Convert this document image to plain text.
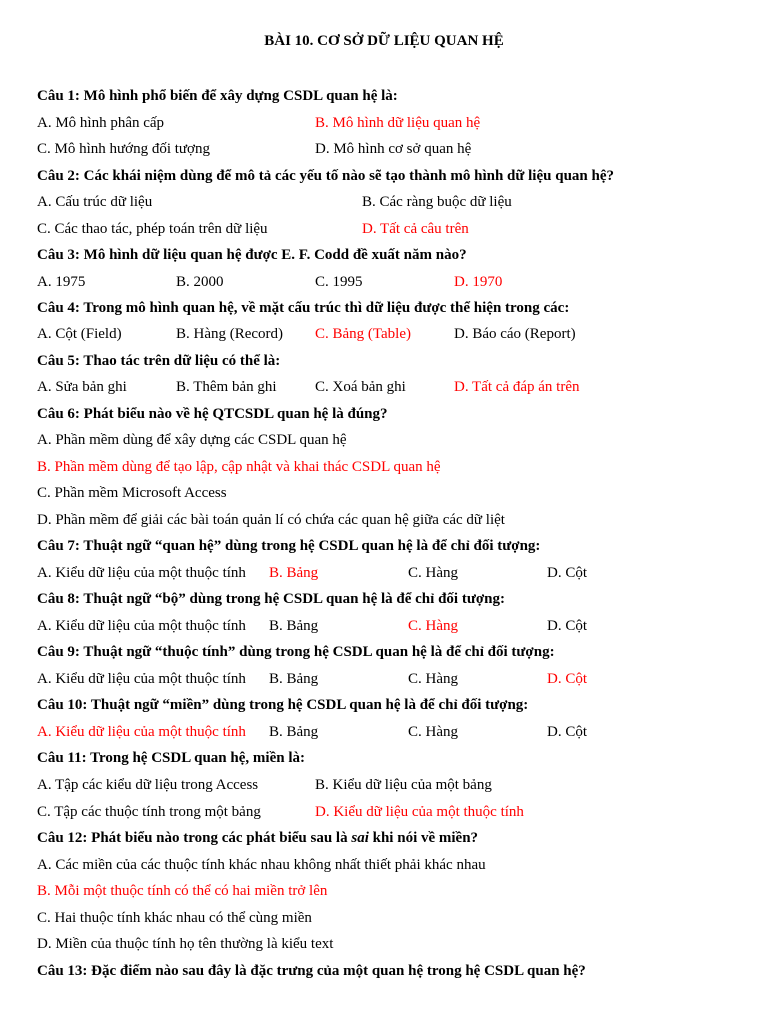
BÀI 10. CƠ SỞ DỮ LIỆU QUAN HỆ
Câu 1: Mô hình phổ biến để xây dựng CSDL quan hệ là:
A. Mô hình phân cấp	B. Mô hình dữ liệu quan hệ
C. Mô hình hướng đối tượng	D. Mô hình cơ sở quan hệ
Câu 2: Các khái niệm dùng để mô tả các yếu tố nào sẽ tạo thành mô hình dữ liệu quan hệ?
A. Cấu trúc dữ liệu	B. Các ràng buộc dữ liệu
C. Các thao tác, phép toán trên dữ liệu	D. Tất cả câu trên
Câu 3: Mô hình dữ liệu quan hệ được E. F. Codd đề xuất năm nào?
A. 1975	B. 2000	C. 1995	D. 1970
Câu 4: Trong mô hình quan hệ, về mặt cấu trúc thì dữ liệu được thể hiện trong các:
A. Cột (Field)	B. Hàng (Record) C. Bảng (Table)	D. Báo cáo (Report)
Câu 5: Thao tác trên dữ liệu có thể là:
A. Sửa bản ghi	B. Thêm bản ghi	C. Xoá bản ghi	D. Tất cả đáp án trên
Câu 6: Phát biểu nào về hệ QTCSDL quan hệ là đúng?
A. Phần mềm dùng để xây dựng các CSDL quan hệ
B. Phần mềm dùng để tạo lập, cập nhật và khai thác CSDL quan hệ
C. Phần mềm Microsoft Access
D. Phần mềm để giải các bài toán quản lí có chứa các quan hệ giữa các dữ liệt
Câu 7: Thuật ngữ “quan hệ” dùng trong hệ CSDL quan hệ là để chỉ đối tượng:
A. Kiểu dữ liệu của một thuộc tính B. Bảng	C. Hàng	D. Cột
Câu 8: Thuật ngữ “bộ” dùng trong hệ CSDL quan hệ là để chỉ đối tượng:
A. Kiểu dữ liệu của một thuộc tính B. Bảng	C. Hàng	D. Cột
Câu 9: Thuật ngữ “thuộc tính” dùng trong hệ CSDL quan hệ là để chỉ đối tượng:
A. Kiểu dữ liệu của một thuộc tính B. Bảng	C. Hàng	D. Cột
Câu 10: Thuật ngữ “miền” dùng trong hệ CSDL quan hệ là để chỉ đối tượng:
A. Kiểu dữ liệu của một thuộc tính B. Bảng	C. Hàng	D. Cột
Câu 11: Trong hệ CSDL quan hệ, miền là:
A. Tập các kiểu dữ liệu trong Access	B. Kiểu dữ liệu của một bảng
C. Tập các thuộc tính trong một bảng	D. Kiểu dữ liệu của một thuộc tính
Câu 12: Phát biểu nào trong các phát biểu sau là sai khi nói về miền?
A. Các miền của các thuộc tính khác nhau không nhất thiết phải khác nhau
B. Mỗi một thuộc tính có thể có hai miền trở lên
C. Hai thuộc tính khác nhau có thể cùng miền
D. Miền của thuộc tính họ tên thường là kiểu text
Câu 13: Đặc điểm nào sau đây là đặc trưng của một quan hệ trong hệ CSDL quan hệ?
